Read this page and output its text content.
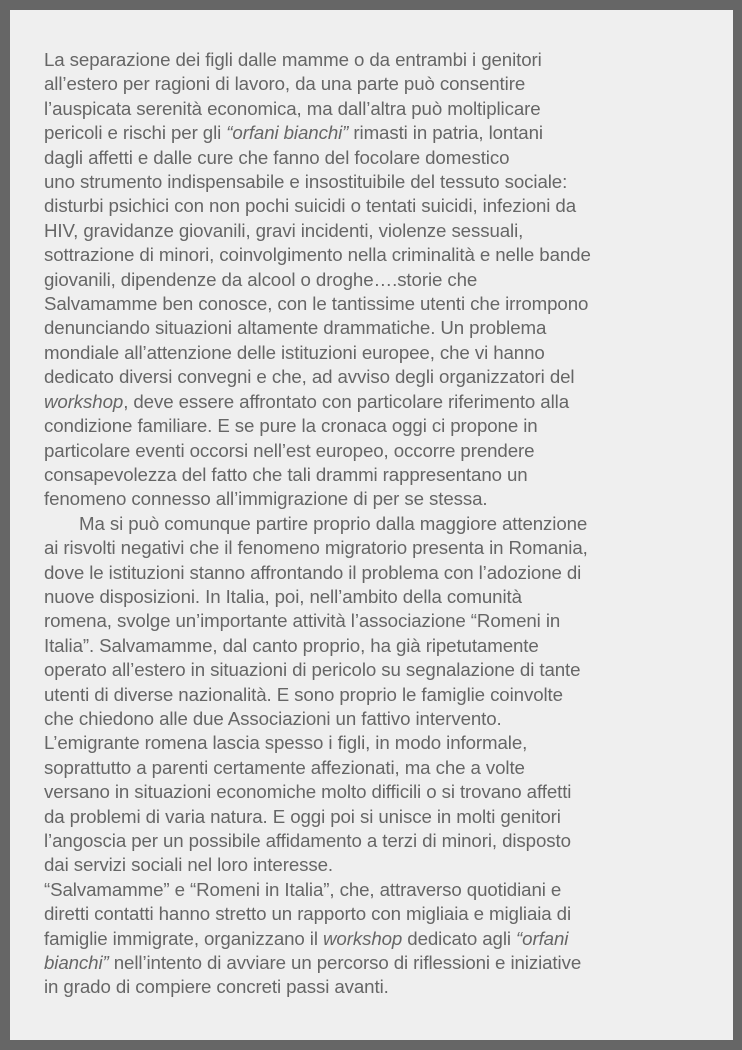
La separazione dei figli dalle mamme o da entrambi i genitori
all’estero per ragioni di lavoro, da una parte può consentire
l’auspicata serenità economica, ma dall’altra può moltiplicare
pericoli e rischi per gli “orfani bianchi” rimasti in patria, lontani
dagli affetti e dalle cure che fanno del focolare domestico
uno strumento indispensabile e insostituibile del tessuto sociale:
disturbi psichici con non pochi suicidi o tentati suicidi, infezioni da
HIV, gravidanze giovanili, gravi incidenti, violenze sessuali,
sottrazione di minori, coinvolgimento nella criminalità e nelle bande
giovanili, dipendenze da alcool o droghe….storie che
Salvamamme ben conosce, con le tantissime utenti che irrompono
denunciando situazioni altamente drammatiche. Un problema
mondiale all’attenzione delle istituzioni europee, che vi hanno
dedicato diversi convegni e che, ad avviso degli organizzatori del
workshop, deve essere affrontato con particolare riferimento alla
condizione familiare. E se pure la cronaca oggi ci propone in
particolare eventi occorsi nell’est europeo, occorre prendere
consapevolezza del fatto che tali drammi rappresentano un
fenomeno connesso all’immigrazione di per se stessa.
Ma si può comunque partire proprio dalla maggiore attenzione
ai risvolti negativi che il fenomeno migratorio presenta in Romania,
dove le istituzioni stanno affrontando il problema con l’adozione di
nuove disposizioni. In Italia, poi, nell’ambito della comunità
romena, svolge un’importante attività l’associazione “Romeni in
Italia”. Salvamamme, dal canto proprio, ha già ripetutamente
operato all’estero in situazioni di pericolo su segnalazione di tante
utenti di diverse nazionalità. E sono proprio le famiglie coinvolte
che chiedono alle due Associazioni un fattivo intervento.
L’emigrante romena lascia spesso i figli, in modo informale,
soprattutto a parenti certamente affezionati, ma che a volte
versano in situazioni economiche molto difficili o si trovano affetti
da problemi di varia natura. E oggi poi si unisce in molti genitori
l’angoscia per un possibile affidamento a terzi di minori, disposto
dai servizi sociali nel loro interesse.
“Salvamamme” e “Romeni in Italia”, che, attraverso quotidiani e
diretti contatti hanno stretto un rapporto con migliaia e migliaia di
famiglie immigrate, organizzano il workshop dedicato agli “orfani
bianchi” nell’intento di avviare un percorso di riflessioni e iniziative
in grado di compiere concreti passi avanti.
